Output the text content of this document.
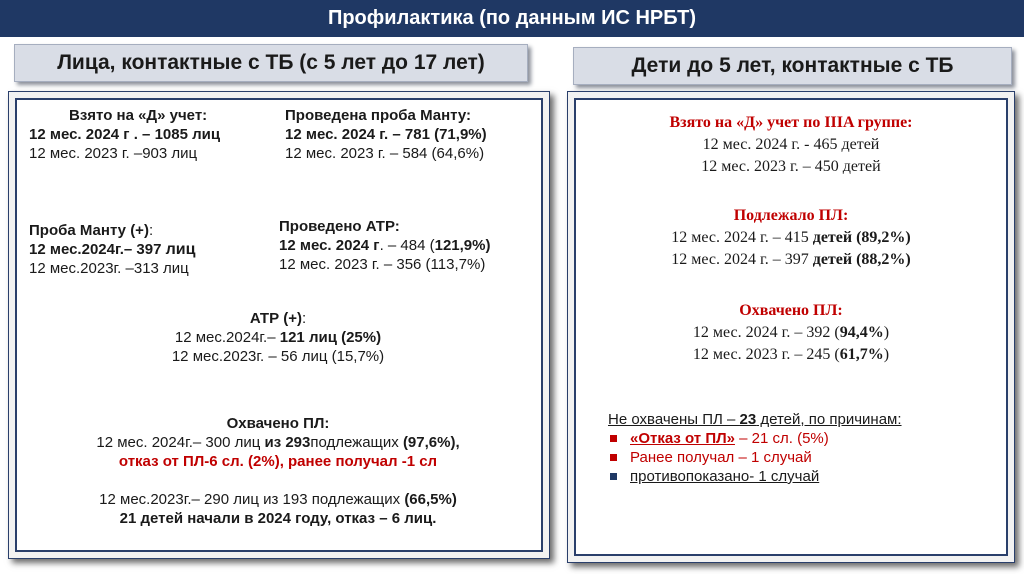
Профилактика (по данным ИС НРБТ)
Лица, контактные с ТБ (с 5 лет до 17 лет)	Дети до 5 лет, контактные с ТБ
Взято на «Д» учет:
12 мес. 2024 г . – 1085 лиц
12 мес. 2023 г. –903 лиц
Проведена проба Манту:
12 мес. 2024 г. – 781 (71,9%)
12 мес. 2023 г. – 584 (64,6%)
Проба Манту (+):
12 мес.2024г.– 397 лиц
12 мес.2023г. –313 лиц
Проведено АТР:
12 мес. 2024 г. – 484 (121,9%)
12 мес. 2023 г. – 356 (113,7%)
АТР (+):
12 мес.2024г.– 121 лиц (25%)
12 мес.2023г. – 56 лиц (15,7%)
Охвачено ПЛ:
12 мес. 2024г.– 300 лиц из 293подлежащих (97,6%),
отказ от ПЛ-6 сл. (2%), ранее получал -1 сл
12 мес.2023г.– 290 лиц из 193 подлежащих (66,5%)
21 детей начали в 2024 году, отказ – 6 лиц.
Взято на «Д» учет по IIIA группе:
12 мес. 2024 г. - 465 детей
12 мес. 2023 г. – 450 детей
Подлежало ПЛ:
12 мес. 2024 г. – 415 детей (89,2%)
12 мес. 2024 г. – 397 детей (88,2%)
Охвачено ПЛ:
12 мес. 2024 г. – 392 (94,4%)
12 мес. 2023 г. – 245 (61,7%)
Не охвачены ПЛ – 23 детей, по причинам:
«Отказ от ПЛ» – 21 сл. (5%)
Ранее получал – 1 случай
противопоказано- 1 случай
